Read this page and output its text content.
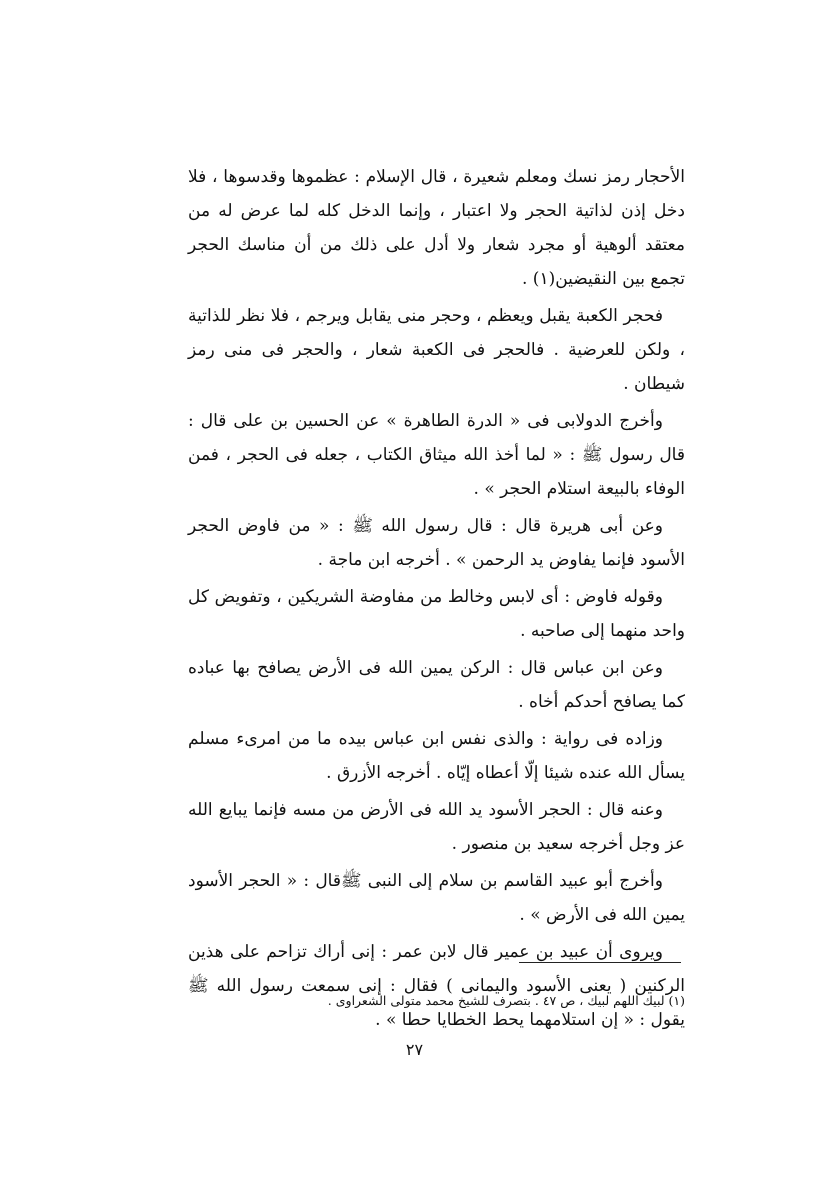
الأحجار رمز نسك ومعلم شعيرة ، قال الإسلام : عظموها وقدسوها ، فلا دخل إذن لذاتية الحجر ولا اعتبار ، وإنما الدخل كله لما عرض له من معتقد ألوهية أو مجرد شعار ولا أدل على ذلك من أن مناسك الحجر تجمع بين النقيضين(١) .

فحجر الكعبة يقبل ويعظم ، وحجر منى يقابل ويرجم ، فلا نظر للذاتية ، ولكن للعرضية . فالحجر فى الكعبة شعار ، والحجر فى منى رمز شيطان .

وأخرج الدولابى فى « الدرة الطاهرة » عن الحسين بن على قال : قال رسول ﷺ : « لما أخذ الله ميثاق الكتاب ، جعله فى الحجر ، فمن الوفاء بالبيعة استلام الحجر » .

وعن أبى هريرة قال : قال رسول الله ﷺ : « من فاوض الحجر الأسود فإنما يفاوض يد الرحمن » . أخرجه ابن ماجة .

وقوله فاوض : أى لابس وخالط من مفاوضة الشريكين ، وتفويض كل واحد منهما إلى صاحبه .

وعن ابن عباس قال : الركن يمين الله فى الأرض يصافح بها عباده كما يصافح أحدكم أخاه .

وزاده فى رواية : والذى نفس ابن عباس بيده ما من امرىء مسلم يسأل الله عنده شيئا إلّا أعطاه إيّاه . أخرجه الأزرق .

وعنه قال : الحجر الأسود يد الله فى الأرض من مسه فإنما يبايع الله عز وجل أخرجه سعيد بن منصور .

وأخرج أبو عبيد القاسم بن سلام إلى النبى ﷺقال : « الحجر الأسود يمين الله فى الأرض » .

ويروى أن عبيد بن عمير قال لابن عمر : إنى أراك تزاحم على هذين الركنين ( يعنى الأسود واليمانى ) فقال : إنى سمعت رسول الله ﷺ يقول : « إن استلامهما يحط الخطايا حطا » .

(١) لبيك اللهم لبيك ، ص ٤٧ . بتصرف للشيخ محمد متولى الشعراوى .
٢٧
